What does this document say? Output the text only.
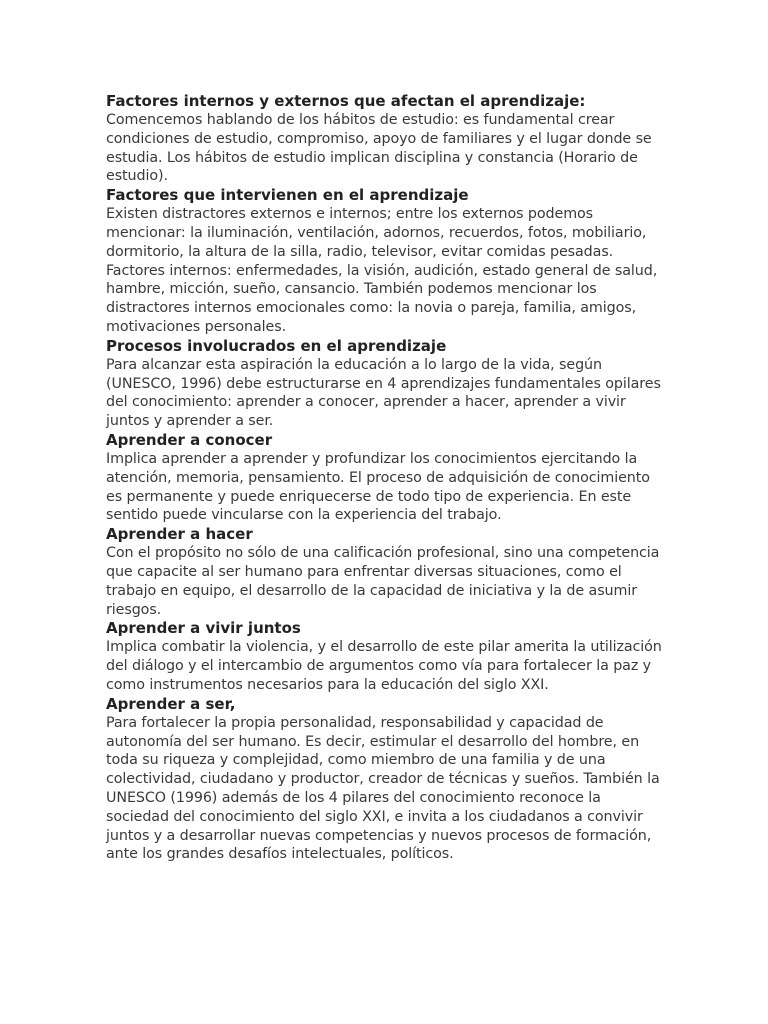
Factores internos y externos que afectan el aprendizaje:

Comencemos hablando de los hábitos de estudio: es fundamental crear condiciones de estudio, compromiso, apoyo de familiares y el lugar donde se estudia. Los hábitos de estudio implican disciplina y constancia (Horario de estudio).

Factores que intervienen en el aprendizaje

Existen distractores externos e internos; entre los externos podemos mencionar: la iluminación, ventilación, adornos, recuerdos, fotos, mobiliario, dormitorio, la altura de la silla, radio, televisor, evitar comidas pesadas. Factores internos: enfermedades, la visión, audición, estado general de salud, hambre, micción, sueño, cansancio. También podemos mencionar los distractores internos emocionales como: la novia o pareja, familia, amigos, motivaciones personales.

Procesos involucrados en el aprendizaje

Para alcanzar esta aspiración la educación a lo largo de la vida, según (UNESCO, 1996) debe estructurarse en 4 aprendizajes fundamentales opilares del conocimiento: aprender a conocer, aprender a hacer, aprender a vivir juntos y aprender a ser.

Aprender a conocer

Implica aprender a aprender y profundizar los conocimientos ejercitando la atención, memoria, pensamiento. El proceso de adquisición de conocimiento es permanente y puede enriquecerse de todo tipo de experiencia. En este sentido puede vincularse con la experiencia del trabajo.

Aprender a hacer

Con el propósito no sólo de una calificación profesional, sino una competencia que capacite al ser humano para enfrentar diversas situaciones, como el trabajo en equipo, el desarrollo de la capacidad de iniciativa y la de asumir riesgos.

Aprender a vivir juntos

Implica combatir la violencia, y el desarrollo de este pilar amerita la utilización del diálogo y el intercambio de argumentos como vía para fortalecer la paz y como instrumentos necesarios para la educación del siglo XXI.

Aprender a ser,

Para fortalecer la propia personalidad, responsabilidad y capacidad de autonomía del ser humano. Es decir, estimular el desarrollo del hombre, en toda su riqueza y complejidad, como miembro de una familia y de una colectividad, ciudadano y productor, creador de técnicas y sueños. También la UNESCO (1996) además de los 4 pilares del conocimiento reconoce la sociedad del conocimiento del siglo XXI, e invita a los ciudadanos a convivir juntos y a desarrollar nuevas competencias y nuevos procesos de formación, ante los grandes desafíos intelectuales, políticos.
